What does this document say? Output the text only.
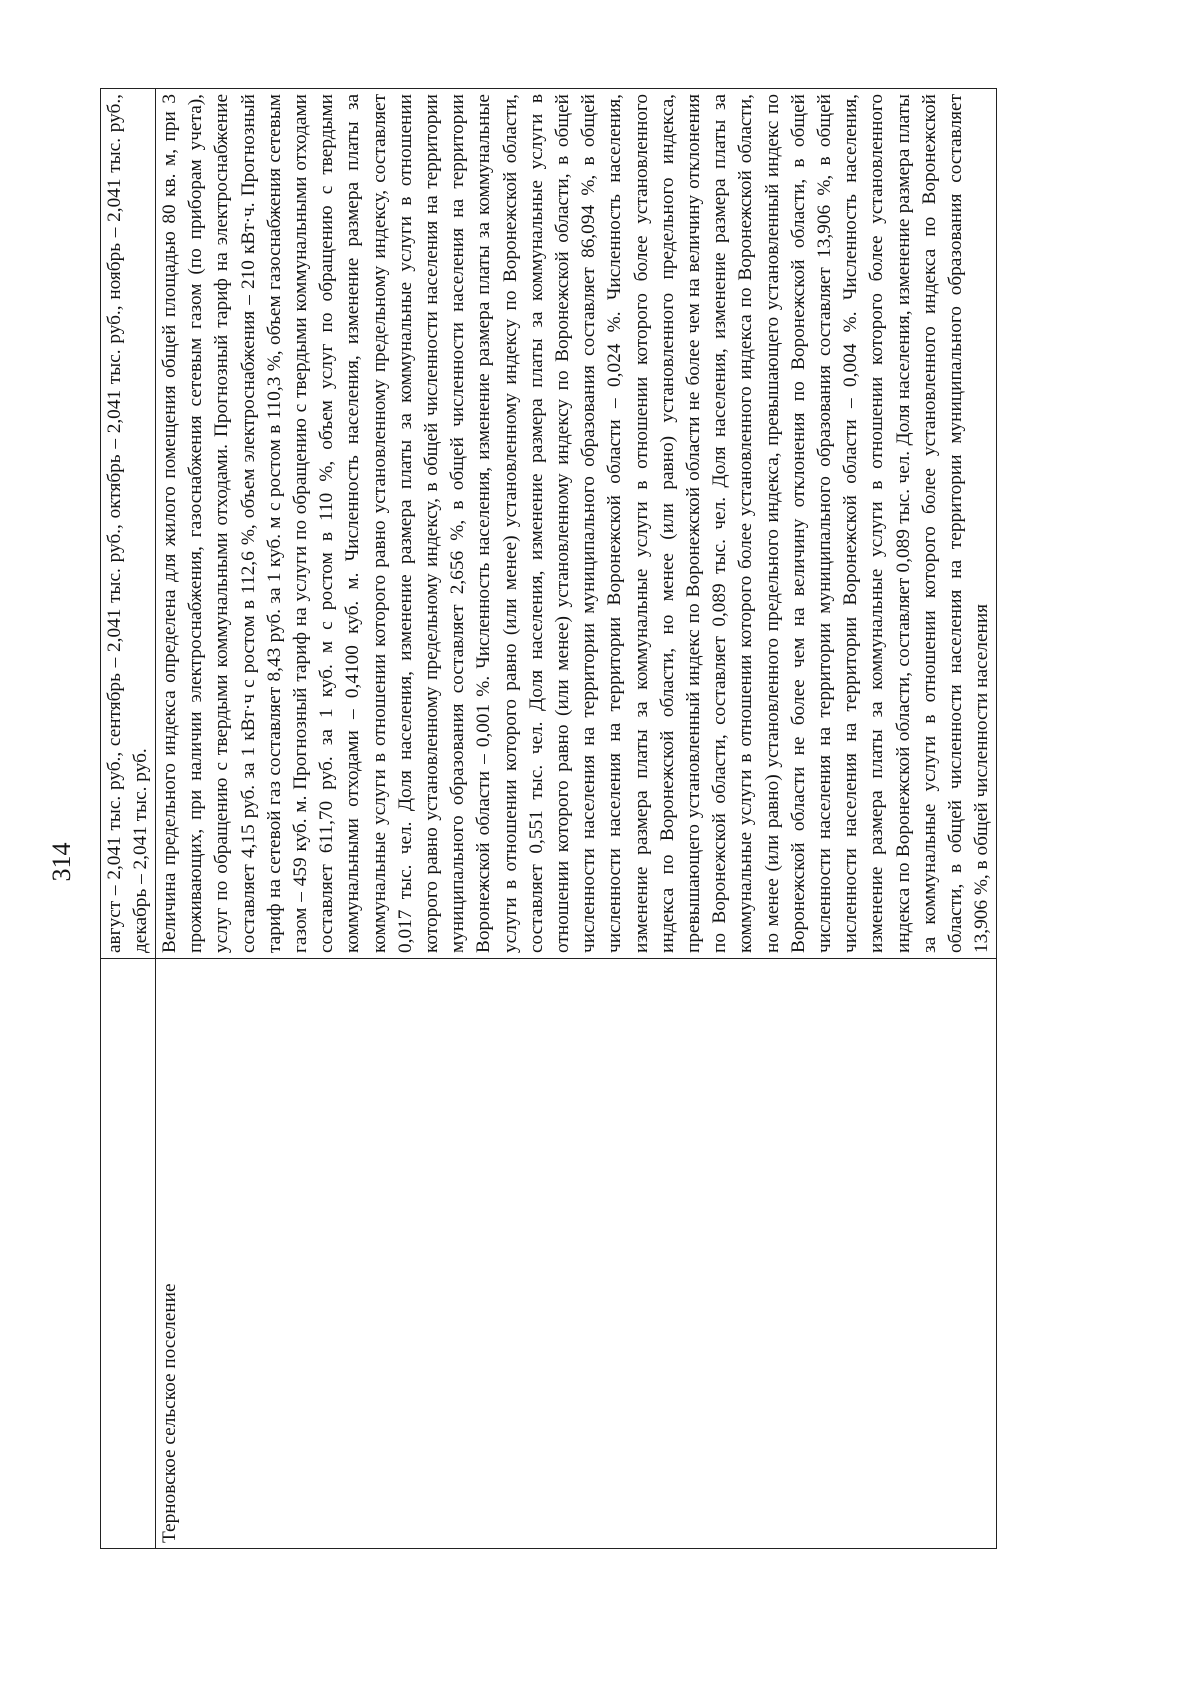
314
	август – 2,041 тыс. руб., сентябрь – 2,041 тыс. руб., октябрь – 2,041 тыс. руб., ноябрь – 2,041 тыс. руб., декабрь – 2,041 тыс. руб.
Терновское сельское поселение	Величина предельного индекса определена для жилого помещения общей площадью 80 кв. м, при 3 проживающих, при наличии электроснабжения, газоснабжения сетевым газом (по приборам учета), услуг по обращению с твердыми коммунальными отходами. Прогнозный тариф на электроснабжение составляет 4,15 руб. за 1 кВт·ч с ростом в 112,6 %, объем электроснабжения – 210 кВт·ч. Прогнозный тариф на сетевой газ составляет 8,43 руб. за 1 куб. м с ростом в 110,3 %, объем газоснабжения сетевым газом – 459 куб. м. Прогнозный тариф на услуги по обращению с твердыми коммунальными отходами составляет 611,70 руб. за 1 куб. м с ростом в 110 %, объем услуг по обращению с твердыми коммунальными отходами – 0,4100 куб. м. Численность населения, изменение размера платы за коммунальные услуги в отношении которого равно установленному предельному индексу, составляет 0,017 тыс. чел. Доля населения, изменение размера платы за коммунальные услуги в отношении которого равно установленному предельному индексу, в общей численности населения на территории муниципального образования составляет 2,656 %, в общей численности населения на территории Воронежской области – 0,001 %. Численность населения, изменение размера платы за коммунальные услуги в отношении которого равно (или менее) установленному индексу по Воронежской области, составляет 0,551 тыс. чел. Доля населения, изменение размера платы за коммунальные услуги в отношении которого равно (или менее) установленному индексу по Воронежской области, в общей численности населения на территории муниципального образования составляет 86,094 %, в общей численности населения на территории Воронежской области – 0,024 %. Численность населения, изменение размера платы за коммунальные услуги в отношении которого более установленного индекса по Воронежской области, но менее (или равно) установленного предельного индекса, превышающего установленный индекс по Воронежской области не более чем на величину отклонения по Воронежской области, составляет 0,089 тыс. чел. Доля населения, изменение размера платы за коммунальные услуги в отношении которого более установленного индекса по Воронежской области, но менее (или равно) установленного предельного индекса, превышающего установленный индекс по Воронежской области не более чем на величину отклонения по Воронежской области, в общей численности населения на территории муниципального образования составляет 13,906 %, в общей численности населения на территории Воронежской области – 0,004 %. Численность населения, изменение размера платы за коммунальные услуги в отношении которого более установленного индекса по Воронежской области, составляет 0,089 тыс. чел. Доля населения, изменение размера платы за коммунальные услуги в отношении которого более установленного индекса по Воронежской области, в общей численности населения на территории муниципального образования составляет 13,906 %, в общей численности населения
